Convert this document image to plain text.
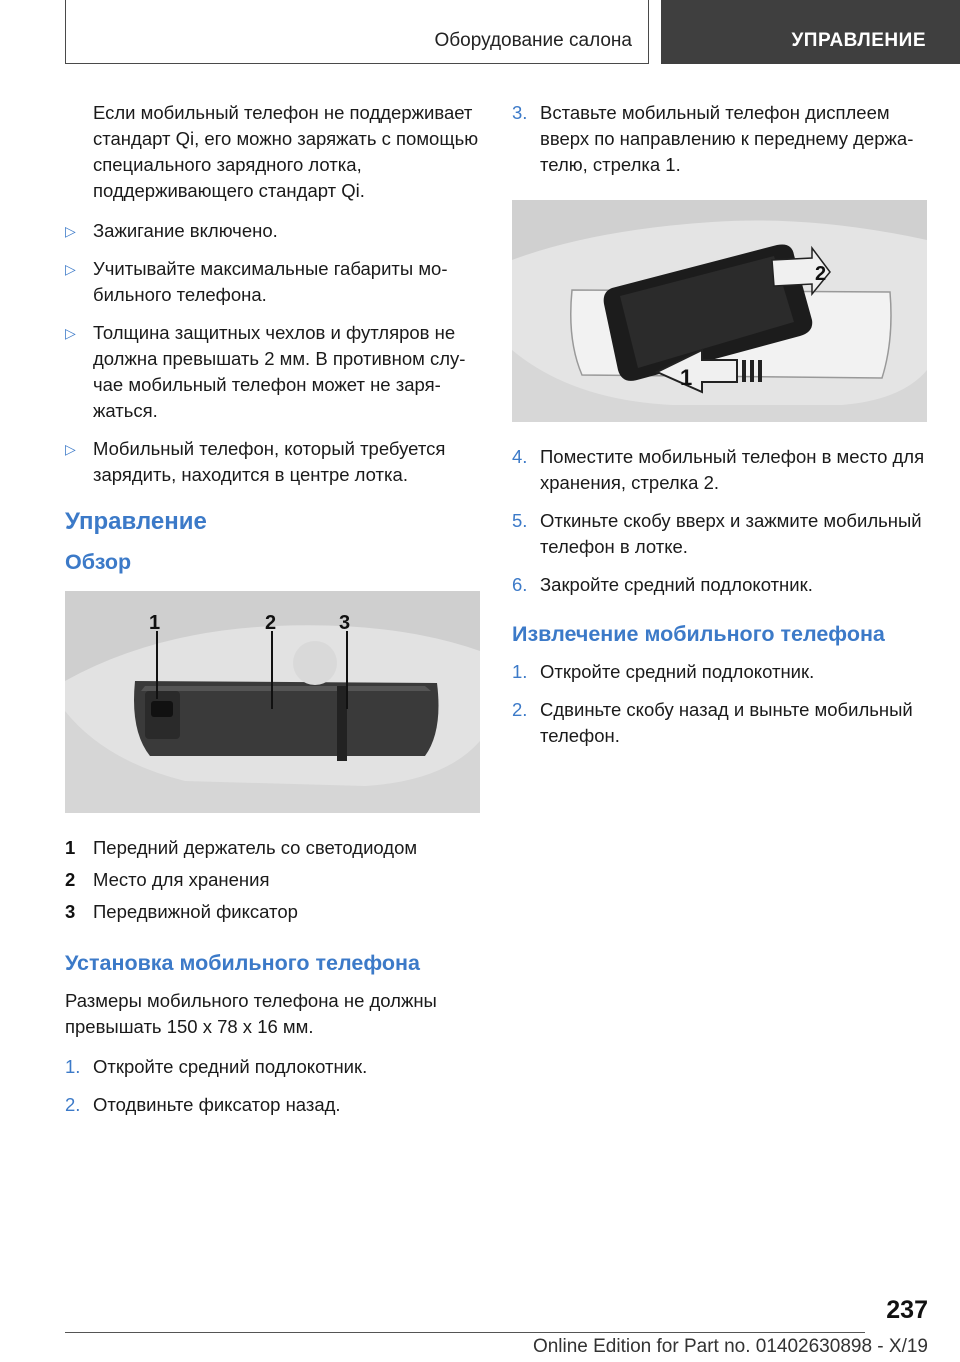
Оборудование салона	УПРАВЛЕНИЕ

Если мобильный телефон не поддерживает стандарт Qi, его можно заряжать с помощью специального зарядного лотка, поддерживающего стандарт Qi.

▷ Зажигание включено.
▷ Учитывайте максимальные габариты мобильного телефона.
▷ Толщина защитных чехлов и футляров не должна превышать 2 мм. В противном случае мобильный телефон может не заряжаться.
▷ Мобильный телефон, который требуется зарядить, находится в центре лотка.
Управление
Обзор
1	2	3
1 Передний держатель со светодиодом
2 Место для хранения
3 Передвижной фиксатор
Установка мобильного телефона

Размеры мобильного телефона не должны превышать 150 x 78 x 16 мм.

1. Откройте средний подлокотник.
2. Отодвиньте фиксатор назад.
3. Вставьте мобильный телефон дисплеем вверх по направлению к переднему держателю, стрелка 1.
1
2
4. Поместите мобильный телефон в место для хранения, стрелка 2.
5. Откиньте скобу вверх и зажмите мобильный телефон в лотке.
6. Закройте средний подлокотник.
Извлечение мобильного телефона
1. Откройте средний подлокотник.
2. Сдвиньте скобу назад и выньте мобильный телефон.
237
Online Edition for Part no. 01402630898 - X/19
